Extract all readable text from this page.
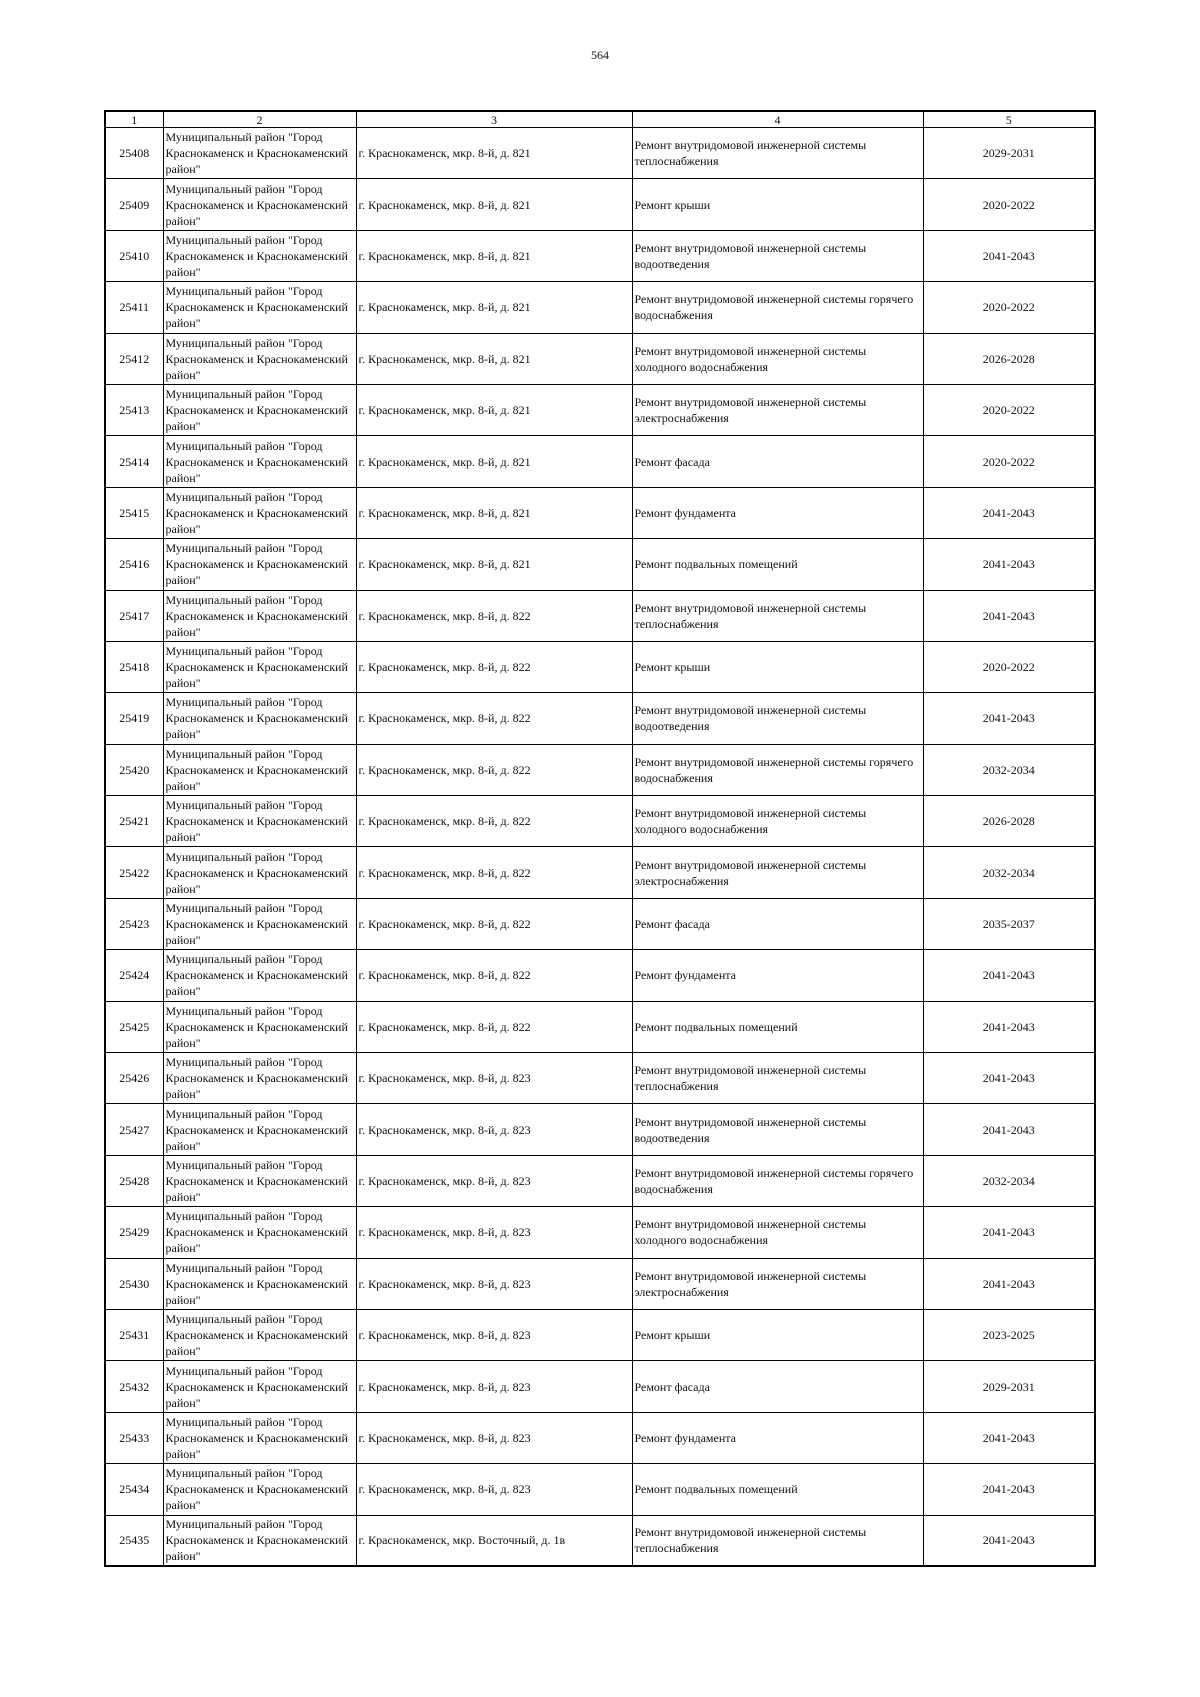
564
1	2	3	4	5
25408	Муниципальный район "Город Краснокаменск и Краснокаменский район"	г. Краснокаменск, мкр. 8-й, д. 821	Ремонт внутридомовой инженерной системы теплоснабжения	2029-2031
25409	Муниципальный район "Город Краснокаменск и Краснокаменский район"	г. Краснокаменск, мкр. 8-й, д. 821	Ремонт крыши	2020-2022
25410	Муниципальный район "Город Краснокаменск и Краснокаменский район"	г. Краснокаменск, мкр. 8-й, д. 821	Ремонт внутридомовой инженерной системы водоотведения	2041-2043
25411	Муниципальный район "Город Краснокаменск и Краснокаменский район"	г. Краснокаменск, мкр. 8-й, д. 821	Ремонт внутридомовой инженерной системы горячего водоснабжения	2020-2022
25412	Муниципальный район "Город Краснокаменск и Краснокаменский район"	г. Краснокаменск, мкр. 8-й, д. 821	Ремонт внутридомовой инженерной системы холодного водоснабжения	2026-2028
25413	Муниципальный район "Город Краснокаменск и Краснокаменский район"	г. Краснокаменск, мкр. 8-й, д. 821	Ремонт внутридомовой инженерной системы электроснабжения	2020-2022
25414	Муниципальный район "Город Краснокаменск и Краснокаменский район"	г. Краснокаменск, мкр. 8-й, д. 821	Ремонт фасада	2020-2022
25415	Муниципальный район "Город Краснокаменск и Краснокаменский район"	г. Краснокаменск, мкр. 8-й, д. 821	Ремонт фундамента	2041-2043
25416	Муниципальный район "Город Краснокаменск и Краснокаменский район"	г. Краснокаменск, мкр. 8-й, д. 821	Ремонт подвальных помещений	2041-2043
25417	Муниципальный район "Город Краснокаменск и Краснокаменский район"	г. Краснокаменск, мкр. 8-й, д. 822	Ремонт внутридомовой инженерной системы теплоснабжения	2041-2043
25418	Муниципальный район "Город Краснокаменск и Краснокаменский район"	г. Краснокаменск, мкр. 8-й, д. 822	Ремонт крыши	2020-2022
25419	Муниципальный район "Город Краснокаменск и Краснокаменский район"	г. Краснокаменск, мкр. 8-й, д. 822	Ремонт внутридомовой инженерной системы водоотведения	2041-2043
25420	Муниципальный район "Город Краснокаменск и Краснокаменский район"	г. Краснокаменск, мкр. 8-й, д. 822	Ремонт внутридомовой инженерной системы горячего водоснабжения	2032-2034
25421	Муниципальный район "Город Краснокаменск и Краснокаменский район"	г. Краснокаменск, мкр. 8-й, д. 822	Ремонт внутридомовой инженерной системы холодного водоснабжения	2026-2028
25422	Муниципальный район "Город Краснокаменск и Краснокаменский район"	г. Краснокаменск, мкр. 8-й, д. 822	Ремонт внутридомовой инженерной системы электроснабжения	2032-2034
25423	Муниципальный район "Город Краснокаменск и Краснокаменский район"	г. Краснокаменск, мкр. 8-й, д. 822	Ремонт фасада	2035-2037
25424	Муниципальный район "Город Краснокаменск и Краснокаменский район"	г. Краснокаменск, мкр. 8-й, д. 822	Ремонт фундамента	2041-2043
25425	Муниципальный район "Город Краснокаменск и Краснокаменский район"	г. Краснокаменск, мкр. 8-й, д. 822	Ремонт подвальных помещений	2041-2043
25426	Муниципальный район "Город Краснокаменск и Краснокаменский район"	г. Краснокаменск, мкр. 8-й, д. 823	Ремонт внутридомовой инженерной системы теплоснабжения	2041-2043
25427	Муниципальный район "Город Краснокаменск и Краснокаменский район"	г. Краснокаменск, мкр. 8-й, д. 823	Ремонт внутридомовой инженерной системы водоотведения	2041-2043
25428	Муниципальный район "Город Краснокаменск и Краснокаменский район"	г. Краснокаменск, мкр. 8-й, д. 823	Ремонт внутридомовой инженерной системы горячего водоснабжения	2032-2034
25429	Муниципальный район "Город Краснокаменск и Краснокаменский район"	г. Краснокаменск, мкр. 8-й, д. 823	Ремонт внутридомовой инженерной системы холодного водоснабжения	2041-2043
25430	Муниципальный район "Город Краснокаменск и Краснокаменский район"	г. Краснокаменск, мкр. 8-й, д. 823	Ремонт внутридомовой инженерной системы электроснабжения	2041-2043
25431	Муниципальный район "Город Краснокаменск и Краснокаменский район"	г. Краснокаменск, мкр. 8-й, д. 823	Ремонт крыши	2023-2025
25432	Муниципальный район "Город Краснокаменск и Краснокаменский район"	г. Краснокаменск, мкр. 8-й, д. 823	Ремонт фасада	2029-2031
25433	Муниципальный район "Город Краснокаменск и Краснокаменский район"	г. Краснокаменск, мкр. 8-й, д. 823	Ремонт фундамента	2041-2043
25434	Муниципальный район "Город Краснокаменск и Краснокаменский район"	г. Краснокаменск, мкр. 8-й, д. 823	Ремонт подвальных помещений	2041-2043
25435	Муниципальный район "Город Краснокаменск и Краснокаменский район"	г. Краснокаменск, мкр. Восточный, д. 1в	Ремонт внутридомовой инженерной системы теплоснабжения	2041-2043
